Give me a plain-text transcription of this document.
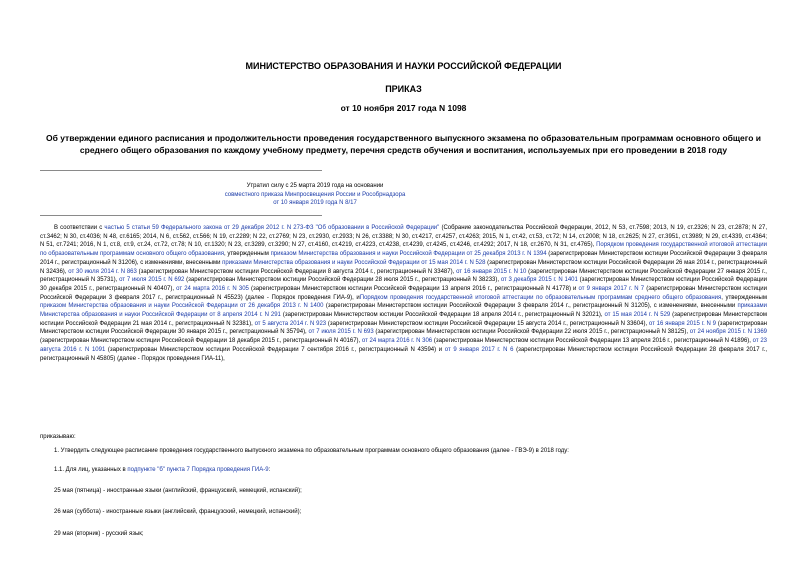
МИНИСТЕРСТВО ОБРАЗОВАНИЯ И НАУКИ РОССИЙСКОЙ ФЕДЕРАЦИИ
ПРИКАЗ
от 10 ноября 2017 года N 1098
Об утверждении единого расписания и продолжительности проведения государственного выпускного экзамена по образовательным программам основного общего и среднего общего образования по каждому учебному предмету, перечня средств обучения и воспитания, используемых при его проведении в 2018 году
Утратил силу с 25 марта 2019 года на основании
совместного приказа Минпросвещения России и Рособрнадзора
от 10 января 2019 года N 8/17
В соответствии с частью 5 статьи 59 Федерального закона от 29 декабря 2012 г. N 273-ФЗ "Об образовании в Российской Федерации" (Собрание законодательства Российской Федерации, 2012, N 53, ст.7598; 2013, N 19, ст.2326; N 23, ст.2878; N 27, ст.3462; N 30, ст.4036; N 48, ст.6165; 2014, N 6, ст.562, ст.566; N 19, ст.2289; N 22, ст.2769; N 23, ст.2930, ст.2933; N 26, ст.3388; N 30, ст.4217, ст.4257, ст.4263; 2015, N 1, ст.42, ст.53, ст.72; N 14, ст.2008; N 18, ст.2625; N 27, ст.3951, ст.3989; N 29, ст.4339, ст.4364; N 51, ст.7241; 2016, N 1, ст.8, ст.9, ст.24, ст.72, ст.78; N 10, ст.1320; N 23, ст.3289, ст.3290; N 27, ст.4160, ст.4219, ст.4223, ст.4238, ст.4239, ст.4245, ст.4246, ст.4292; 2017, N 18, ст.2670, N 31, ст.4765), Порядком проведения государственной итоговой аттестации по образовательным программам основного общего образования, утвержденным приказом Министерства образования и науки Российской Федерации от 25 декабря 2013 г. N 1394 (зарегистрирован Министерством юстиции Российской Федерации 3 февраля 2014 г., регистрационный N 31206), с изменениями, внесенными приказами Министерства образования и науки Российской Федерации от 15 мая 2014 г. N 528 (зарегистрирован Министерством юстиции Российской Федерации 26 мая 2014 г., регистрационный N 32436), от 30 июля 2014 г. N 863 (зарегистрирован Министерством юстиции Российской Федерации 8 августа 2014 г., регистрационный N 33487), от 16 января 2015 г. N 10 (зарегистрирован Министерством юстиции Российской Федерации 27 января 2015 г., регистрационный N 35731), от 7 июля 2015 г. N 692 (зарегистрирован Министерством юстиции Российской Федерации 28 июля 2015 г., регистрационный N 38233), от 3 декабря 2015 г. N 1401 (зарегистрирован Министерством юстиции Российской Федерации 30 декабря 2015 г., регистрационный N 40407), от 24 марта 2016 г. N 305 (зарегистрирован Министерством юстиции Российской Федерации 13 апреля 2016 г., регистрационный N 41778) и от 9 января 2017 г. N 7 (зарегистрирован Министерством юстиции Российской Федерации 3 февраля 2017 г., регистрационный N 45523) (далее - Порядок проведения ГИА-9), иПорядком проведения государственной итоговой аттестации по образовательным программам среднего общего образования, утвержденным приказом Министерства образования и науки Российской Федерации от 26 декабря 2013 г. N 1400 (зарегистрирован Министерством юстиции Российской Федерации 3 февраля 2014 г., регистрационный N 31205), с изменениями, внесенными приказами Министерства образования и науки Российской Федерации от 8 апреля 2014 г. N 291 (зарегистрирован Министерством юстиции Российской Федерации 18 апреля 2014 г., регистрационный N 32021), от 15 мая 2014 г. N 529 (зарегистрирован Министерством юстиции Российской Федерации 21 мая 2014 г., регистрационный N 32381), от 5 августа 2014 г. N 923 (зарегистрирован Министерством юстиции Российской Федерации 15 августа 2014 г., регистрационный N 33604), от 16 января 2015 г. N 9 (зарегистрирован Министерством юстиции Российской Федерации 30 января 2015 г., регистрационный N 35794), от 7 июля 2015 г. N 693 (зарегистрирован Министерством юстиции Российской Федерации 22 июля 2015 г., регистрационный N 38125), от 24 ноября 2015 г. N 1369 (зарегистрирован Министерством юстиции Российской Федерации 18 декабря 2015 г., регистрационный N 40167), от 24 марта 2016 г. N 306 (зарегистрирован Министерством юстиции Российской Федерации 13 апреля 2016 г., регистрационный N 41896), от 23 августа 2016 г. N 1091 (зарегистрирован Министерством юстиции Российской Федерации 7 сентября 2016 г., регистрационный N 43594) и от 9 января 2017 г. N 6 (зарегистрирован Министерством юстиции Российской Федерации 28 февраля 2017 г., регистрационный N 45805) (далее - Порядок проведения ГИА-11),
приказываю:
1. Утвердить следующее расписание проведения государственного выпускного экзамена по образовательным программам основного общего образования (далее - ГВЭ-9) в 2018 году:
1.1. Для лиц, указанных в подпункте "б" пункта 7 Порядка проведения ГИА-9:
25 мая (пятница) - иностранные языки (английский, французский, немецкий, испанский);
26 мая (суббота) - иностранные языки (английский, французский, немецкий, испанский);
29 мая (вторник) - русский язык;
